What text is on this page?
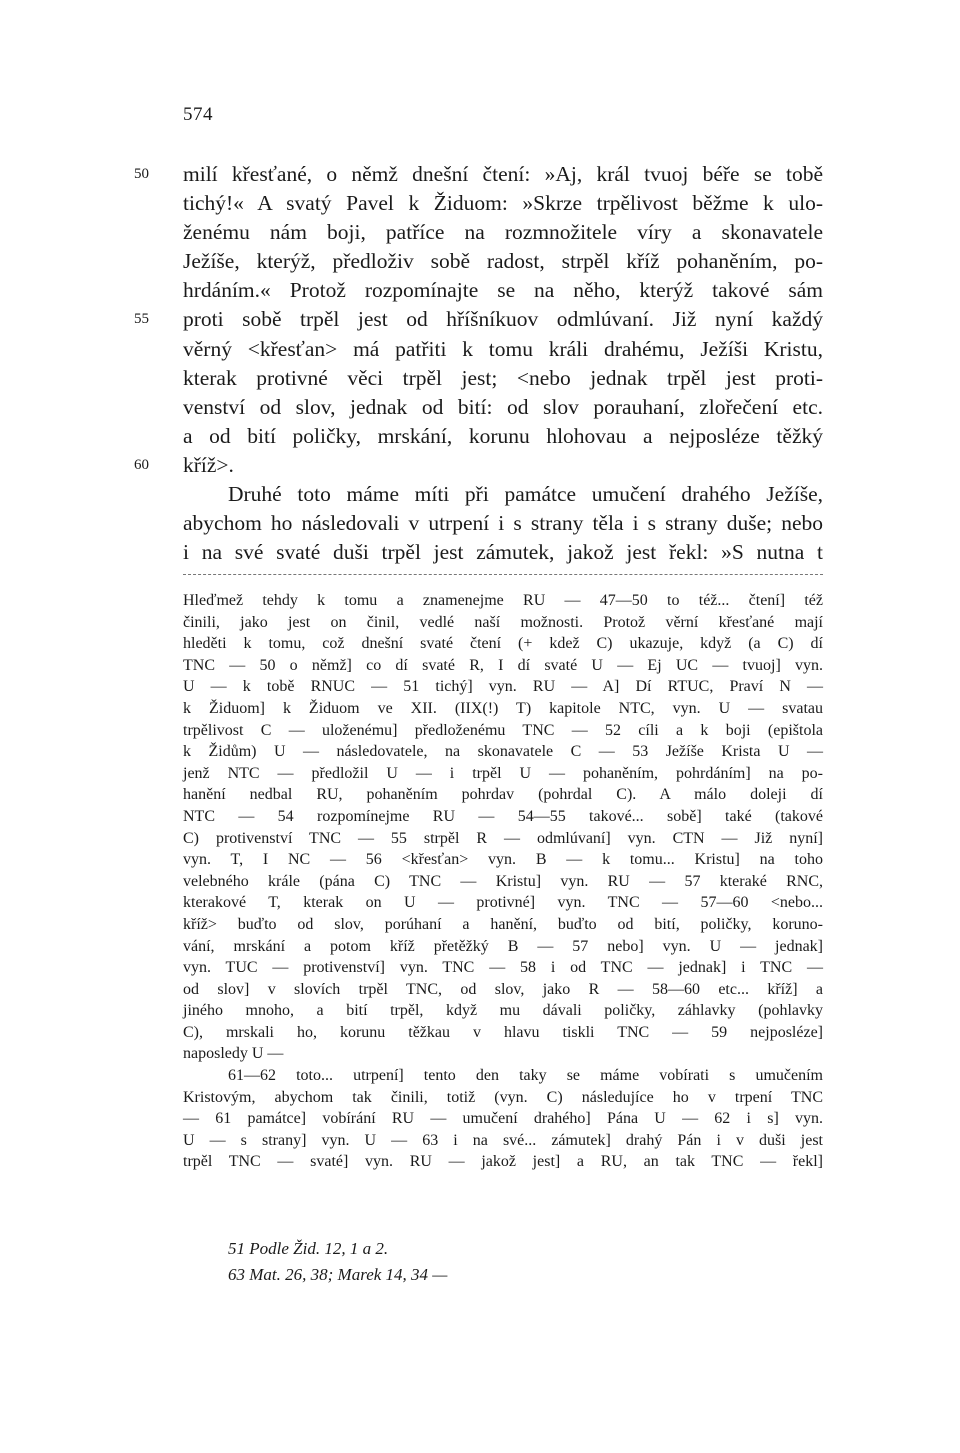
574
50	milí křesťané, o němž dnešní čtení: »Aj, král tvuoj béře se tobě
tichý!« A svatý Pavel k Židuom: »Skrze trpělivost běžme k ulo-
ženému nám boji, patříce na rozmnožitele víry a skonavatele
Ježíše, kterýž, předloživ sobě radost, strpěl kříž pohaněním, po-
hrdáním.« Protož rozpomínajte se na něho, kterýž takové sám
55	proti sobě trpěl jest od hříšníkuov odmlúvaní. Již nyní každý
věrný <křesťan> má patřiti k tomu králi drahému, Ježíši Kristu,
kterak protivné věci trpěl jest; <nebo jednak trpěl jest proti-
venství od slov, jednak od bití: od slov porauhaní, zlořečení etc.
a od bití poličky, mrskání, korunu hlohovau a nejposléze těžký
60	kříž>.
Druhé toto máme míti při památce umučení drahého Ježíše,
abychom ho následovali v utrpení i s strany těla i s strany duše; nebo
i na své svaté duši trpěl jest zámutek, jakož jest řekl: »S nutna t
Hleďmež tehdy k tomu a znamenejme RU — 47—50 to též... čtení] též
činili, jako jest on činil, vedlé naší možnosti. Protož věrní křesťané mají
hleděti k tomu, což dnešní svaté čtení (+ kdež C) ukazuje, když (a C) dí
TNC — 50 o němž] co dí svaté R, I dí svaté U — Ej UC — tvuoj] vyn.
U — k tobě RNUC — 51 tichý] vyn. RU — A] Dí RTUC, Praví N —
k Židuom] k Židuom ve XII. (IIX(!) T) kapitole NTC, vyn. U — svatau
trpělivost C — uloženému] předloženému TNC — 52 cíli a k boji (epištola
k Židům) U — následovatele, na skonavatele C — 53 Ježíše Krista U —
jenž NTC — předložil U — i trpěl U — pohaněním, pohrdáním] na po-
hanění nedbal RU, pohaněním pohrdav (pohrdal C). A málo doleji dí
NTC — 54 rozpomínejme RU — 54—55 takové... sobě] také (takové
C) protivenství TNC — 55 strpěl R — odmlúvaní] vyn. CTN — Již nyní]
vyn. T, I NC — 56 <křesťan> vyn. B — k tomu... Kristu] na toho
velebného krále (pána C) TNC — Kristu] vyn. RU — 57 kteraké RNC,
kterakové T, kterak on U — protivné] vyn. TNC — 57—60 <nebo...
kříž> buďto od slov, porúhaní a hanění, buďto od bití, poličky, koruno-
vání, mrskání a potom kříž přetěžký B — 57 nebo] vyn. U — jednak]
vyn. TUC — protivenství] vyn. TNC — 58 i od TNC — jednak] i TNC —
od slov] v slovích trpěl TNC, od slov, jako R — 58—60 etc... kříž] a
jiného mnoho, a bití trpěl, když mu dávali poličky, záhlavky (pohlavky
C), mrskali ho, korunu těžkau v hlavu tiskli TNC — 59 nejposléze]
naposledy U —
61—62 toto... utrpení] tento den taky se máme vobírati s umučením
Kristovým, abychom tak činili, totiž (vyn. C) následujíce ho v trpení TNC
— 61 památce] vobírání RU — umučení drahého] Pána U — 62 i s] vyn.
U — s strany] vyn. U — 63 i na své... zámutek] drahý Pán i v duši jest
trpěl TNC — svaté] vyn. RU — jakož jest] a RU, an tak TNC — řekl]
51 Podle Žid. 12, 1 a 2.
63 Mat. 26, 38; Marek 14, 34 —
